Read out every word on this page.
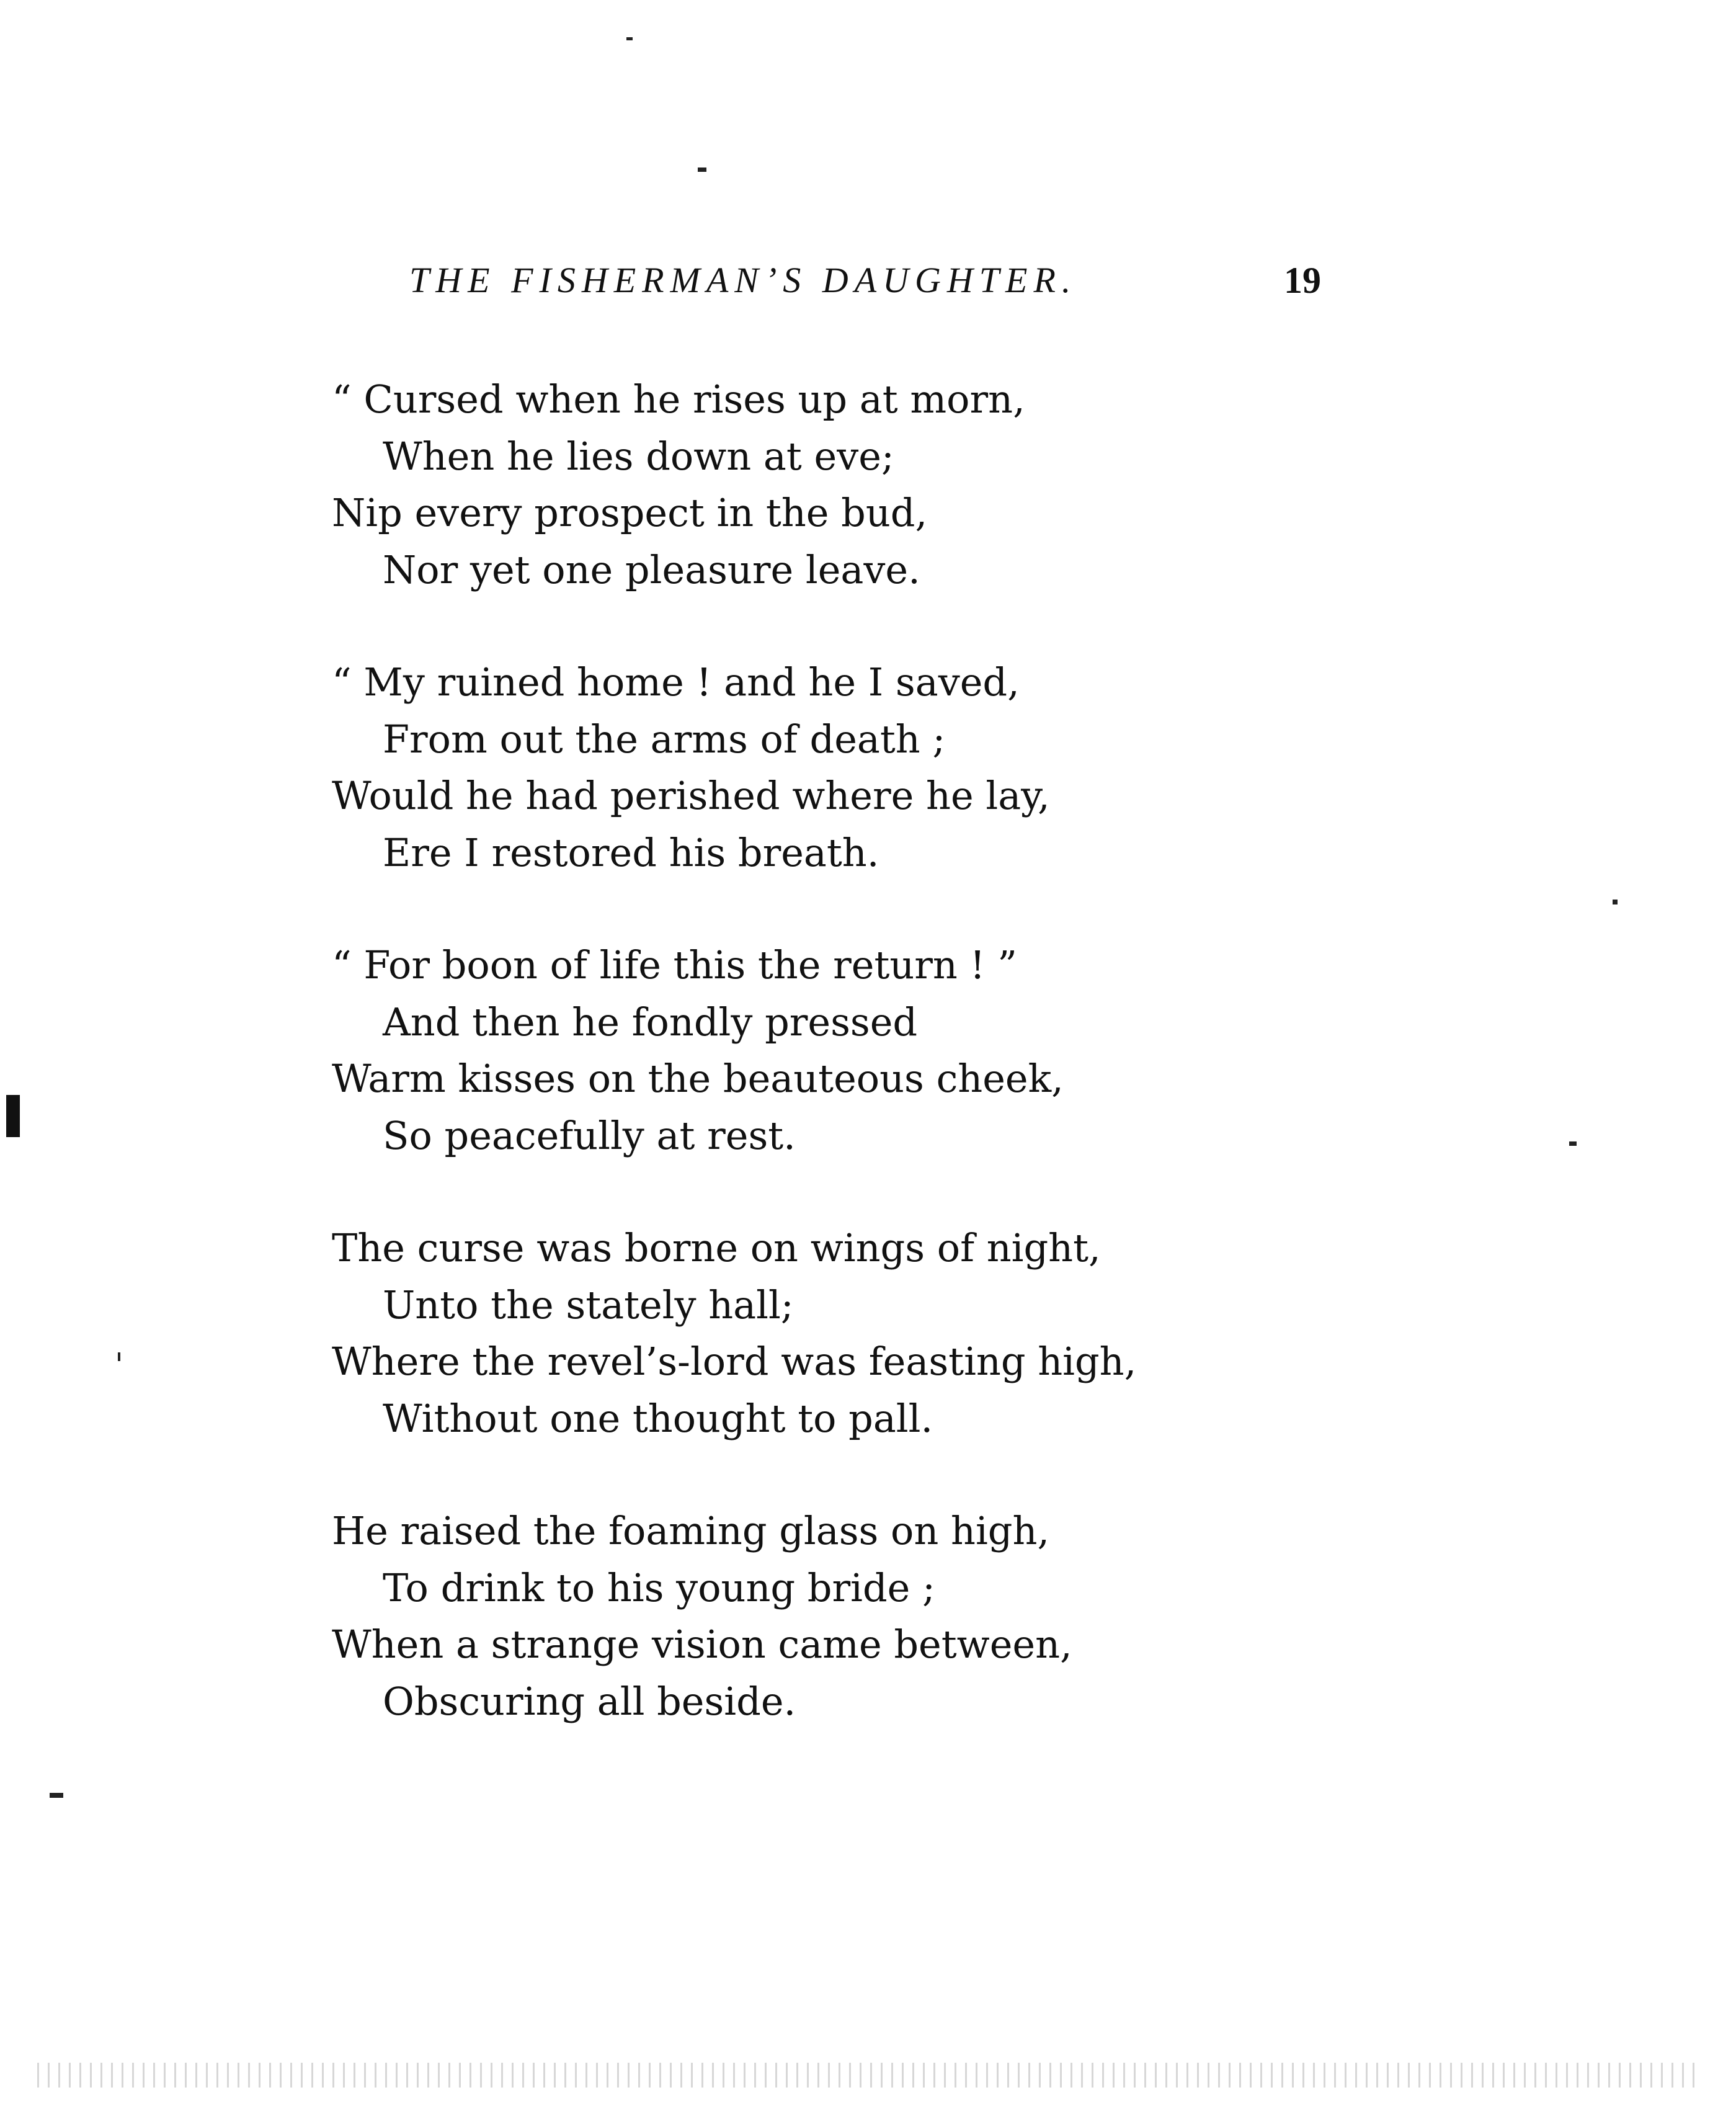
THE FISHERMAN’S DAUGHTER.	19
“ Cursed when he rises up at morn,
When he lies down at eve;
Nip every prospect in the bud,
Nor yet one pleasure leave.
“ My ruined home ! and he I saved,
From out the arms of death ;
Would he had perished where he lay,
Ere I restored his breath.
“ For boon of life this the return ! ”
And then he fondly pressed
Warm kisses on the beauteous cheek,
So peacefully at rest.
The curse was borne on wings of night,
Unto the stately hall;
Where the revel’s-lord was feasting high,
Without one thought to pall.
He raised the foaming glass on high,
To drink to his young bride ;
When a strange vision came between,
Obscuring all beside.
